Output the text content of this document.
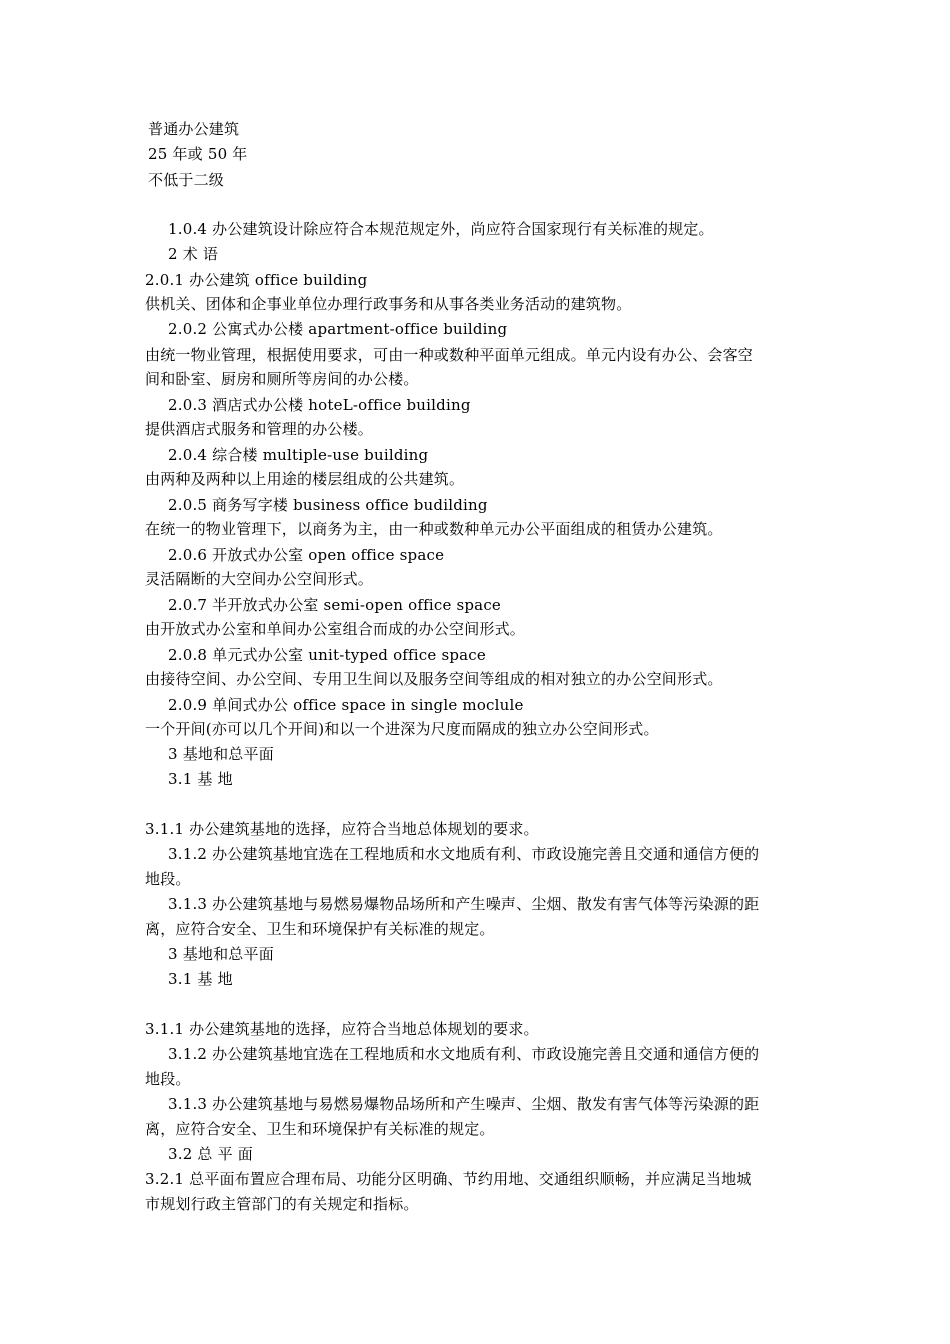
普通办公建筑
25 年或 50 年
不低于二级
1.0.4 办公建筑设计除应符合本规范规定外，尚应符合国家现行有关标准的规定。
2 术 语
2.0.1 办公建筑 office building
供机关、团体和企事业单位办理行政事务和从事各类业务活动的建筑物。
2.0.2 公寓式办公楼 apartment-office building
由统一物业管理，根据使用要求，可由一种或数种平面单元组成。单元内设有办公、会客空
间和卧室、厨房和厕所等房间的办公楼。
2.0.3 酒店式办公楼 hoteL-office building
提供酒店式服务和管理的办公楼。
2.0.4 综合楼 multiple-use building
由两种及两种以上用途的楼层组成的公共建筑。
2.0.5 商务写字楼 business office budilding
在统一的物业管理下，以商务为主，由一种或数种单元办公平面组成的租赁办公建筑。
2.0.6 开放式办公室 open office space
灵活隔断的大空间办公空间形式。
2.0.7 半开放式办公室 semi-open office space
由开放式办公室和单间办公室组合而成的办公空间形式。
2.0.8 单元式办公室 unit-typed office space
由接待空间、办公空间、专用卫生间以及服务空间等组成的相对独立的办公空间形式。
2.0.9 单间式办公 office space in single moclule
一个开间(亦可以几个开间)和以一个进深为尺度而隔成的独立办公空间形式。
3 基地和总平面
3.1 基 地
3.1.1 办公建筑基地的选择，应符合当地总体规划的要求。
3.1.2 办公建筑基地宜选在工程地质和水文地质有利、市政设施完善且交通和通信方便的
地段。
3.1.3 办公建筑基地与易燃易爆物品场所和产生噪声、尘烟、散发有害气体等污染源的距
离，应符合安全、卫生和环境保护有关标准的规定。
3 基地和总平面
3.1 基 地
3.1.1 办公建筑基地的选择，应符合当地总体规划的要求。
3.1.2 办公建筑基地宜选在工程地质和水文地质有利、市政设施完善且交通和通信方便的
地段。
3.1.3 办公建筑基地与易燃易爆物品场所和产生噪声、尘烟、散发有害气体等污染源的距
离，应符合安全、卫生和环境保护有关标准的规定。
3.2 总 平 面
3.2.1 总平面布置应合理布局、功能分区明确、节约用地、交通组织顺畅，并应满足当地城
市规划行政主管部门的有关规定和指标。
